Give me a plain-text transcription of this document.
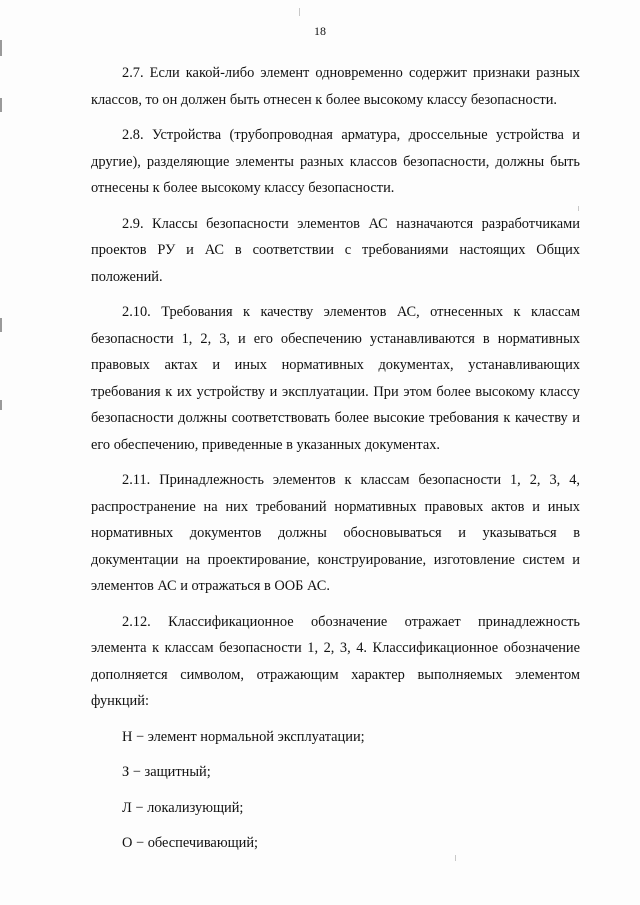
18

2.7. Если какой-либо элемент одновременно содержит признаки разных классов, то он должен быть отнесен к более высокому классу безопасности.

2.8. Устройства (трубопроводная арматура, дроссельные устройства и другие), разделяющие элементы разных классов безопасности, должны быть отнесены к более высокому классу безопасности.

2.9. Классы безопасности элементов АС назначаются разработчиками проектов РУ и АС в соответствии с требованиями настоящих Общих положений.

2.10. Требования к качеству элементов АС, отнесенных к классам безопасности 1, 2, 3, и его обеспечению устанавливаются в нормативных правовых актах и иных нормативных документах, устанавливающих требования к их устройству и эксплуатации. При этом более высокому классу безопасности должны соответствовать более высокие требования к качеству и его обеспечению, приведенные в указанных документах.

2.11. Принадлежность элементов к классам безопасности 1, 2, 3, 4, распространение на них требований нормативных правовых актов и иных нормативных документов должны обосновываться и указываться в документации на проектирование, конструирование, изготовление систем и элементов АС и отражаться в ООБ АС.

2.12. Классификационное обозначение отражает принадлежность элемента к классам безопасности 1, 2, 3, 4. Классификационное обозначение дополняется символом, отражающим характер выполняемых элементом функций:

Н − элемент нормальной эксплуатации;

З − защитный;

Л − локализующий;

О − обеспечивающий;
